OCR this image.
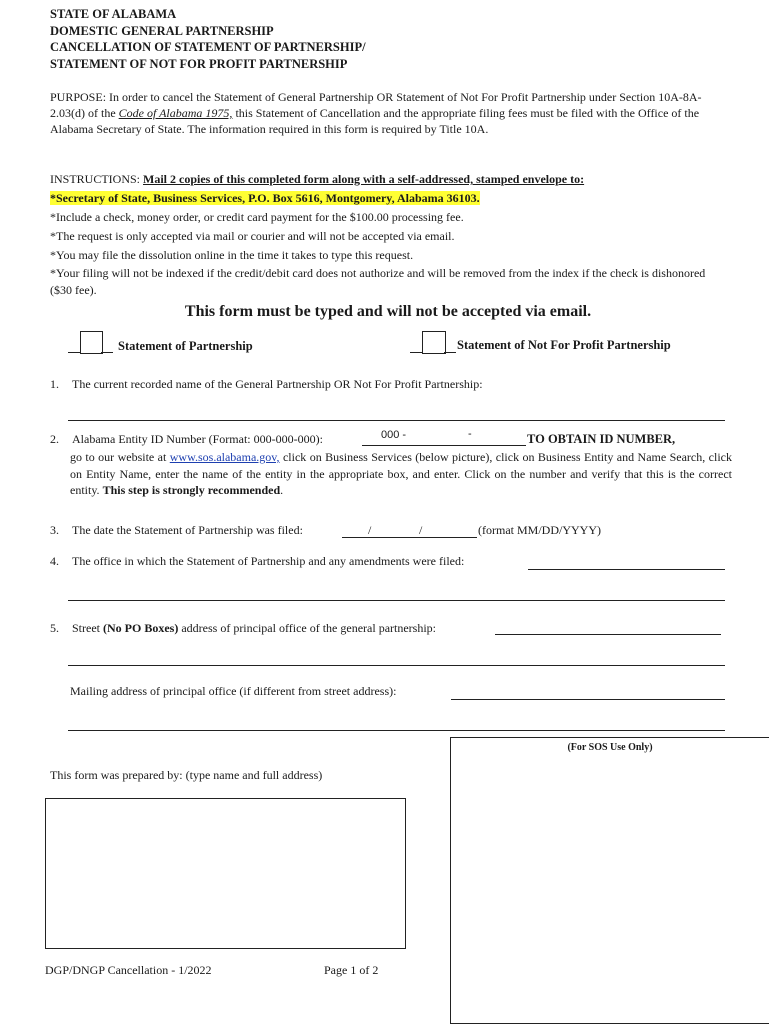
STATE OF ALABAMA
DOMESTIC GENERAL PARTNERSHIP
CANCELLATION OF STATEMENT OF PARTNERSHIP/
STATEMENT OF NOT FOR PROFIT PARTNERSHIP
PURPOSE: In order to cancel the Statement of General Partnership OR Statement of Not For Profit Partnership under Section 10A-8A-2.03(d) of the Code of Alabama 1975, this Statement of Cancellation and the appropriate filing fees must be filed with the Office of the Alabama Secretary of State. The information required in this form is required by Title 10A.
INSTRUCTIONS: Mail 2 copies of this completed form along with a self-addressed, stamped envelope to:
*Secretary of State, Business Services, P.O. Box 5616, Montgomery, Alabama 36103.
*Include a check, money order, or credit card payment for the $100.00 processing fee.
*The request is only accepted via mail or courier and will not be accepted via email.
*You may file the dissolution online in the time it takes to type this request.
*Your filing will not be indexed if the credit/debit card does not authorize and will be removed from the index if the check is dishonored ($30 fee).
This form must be typed and will not be accepted via email.
Statement of Partnership	Statement of Not For Profit Partnership
1. The current recorded name of the General Partnership OR Not For Profit Partnership:
2. Alabama Entity ID Number (Format: 000-000-000):	000 -	-	TO OBTAIN ID NUMBER,
go to our website at www.sos.alabama.gov, click on Business Services (below picture), click on Business Entity and Name Search, click on Entity Name, enter the name of the entity in the appropriate box, and enter. Click on the number and verify that this is the correct entity. This step is strongly recommended.
3. The date the Statement of Partnership was filed:	/	/	(format MM/DD/YYYY)
4. The office in which the Statement of Partnership and any amendments were filed:
5. Street (No PO Boxes) address of principal office of the general partnership:
Mailing address of principal office (if different from street address):
(For SOS Use Only)
This form was prepared by: (type name and full address)
DGP/DNGP Cancellation - 1/2022	Page 1 of 2
